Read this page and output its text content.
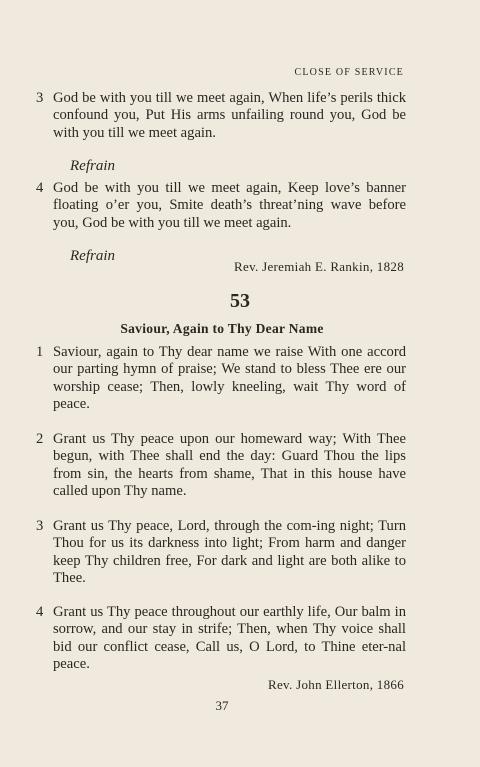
CLOSE OF SERVICE
3 God be with you till we meet again, When life’s perils thick confound you, Put His arms unfailing round you, God be with you till we meet again.
Refrain
4 God be with you till we meet again, Keep love’s banner floating o’er you, Smite death’s threat’ning wave before you, God be with you till we meet again.
Refrain
Rev. Jeremiah E. Rankin, 1828
53
Saviour, Again to Thy Dear Name
1 Saviour, again to Thy dear name we raise With one accord our parting hymn of praise; We stand to bless Thee ere our worship cease; Then, lowly kneeling, wait Thy word of peace.
2 Grant us Thy peace upon our homeward way; With Thee begun, with Thee shall end the day: Guard Thou the lips from sin, the hearts from shame, That in this house have called upon Thy name.
3 Grant us Thy peace, Lord, through the com-ing night; Turn Thou for us its darkness into light; From harm and danger keep Thy children free, For dark and light are both alike to Thee.
4 Grant us Thy peace throughout our earthly life, Our balm in sorrow, and our stay in strife; Then, when Thy voice shall bid our conflict cease, Call us, O Lord, to Thine eter-nal peace.
Rev. John Ellerton, 1866
37
